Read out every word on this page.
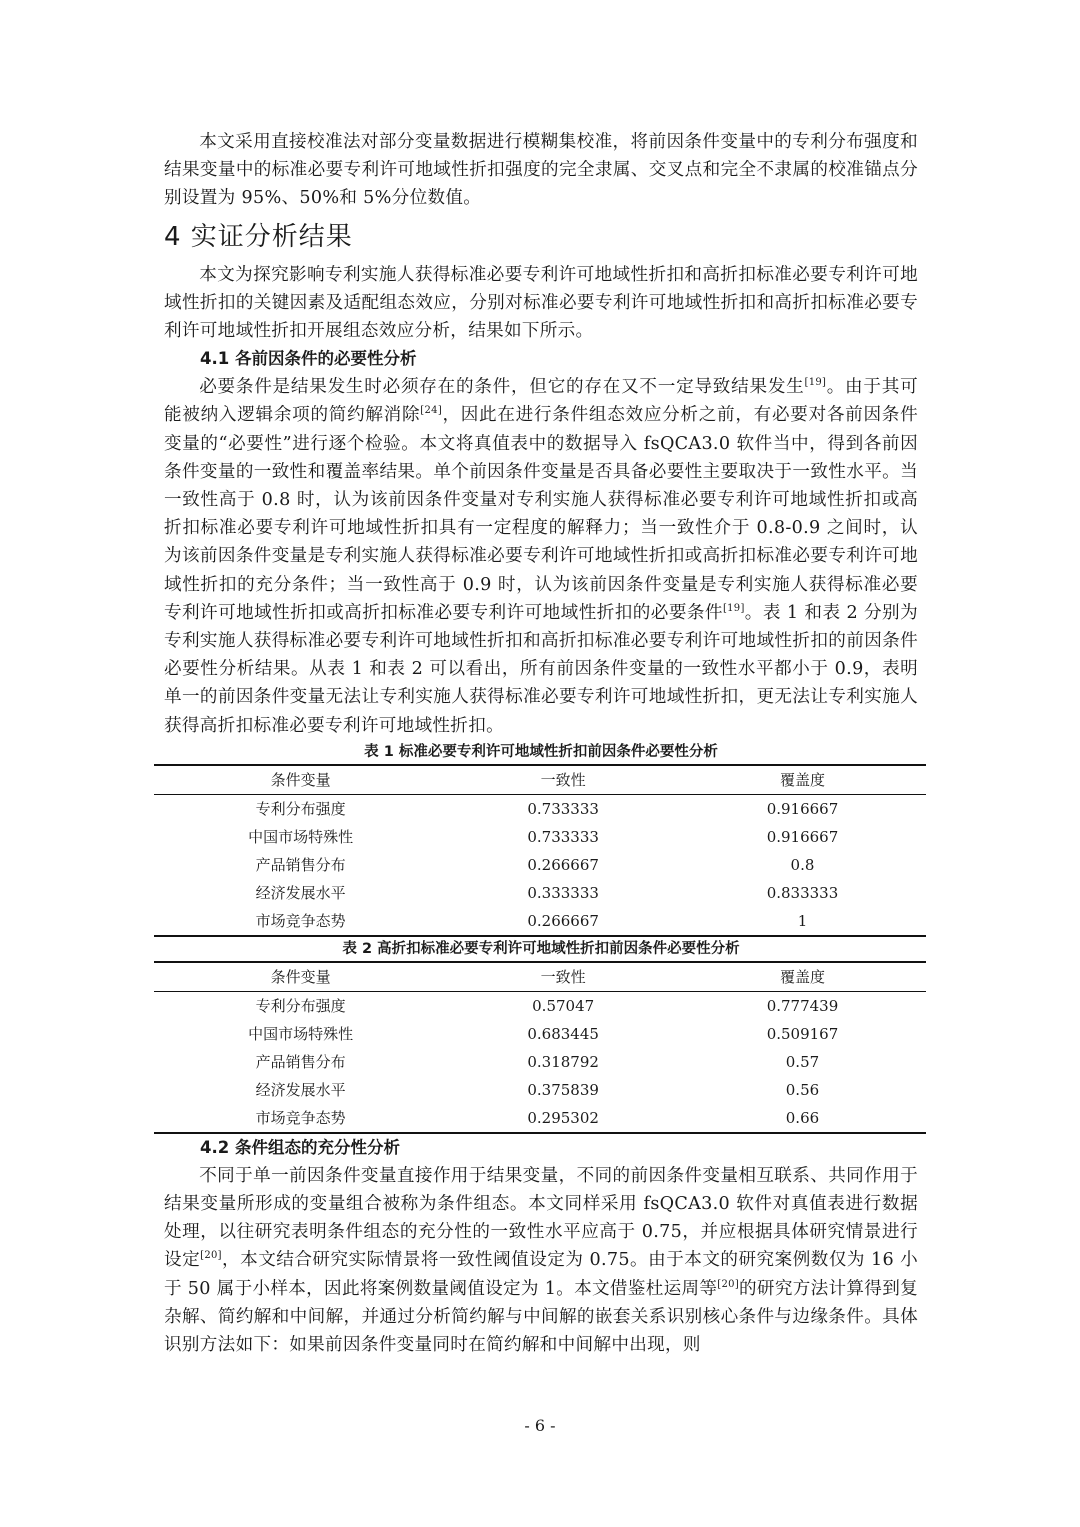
本文采用直接校准法对部分变量数据进行模糊集校准，将前因条件变量中的专利分布强度和结果变量中的标准必要专利许可地域性折扣强度的完全隶属、交叉点和完全不隶属的校准锚点分别设置为 95%、50%和 5%分位数值。

4 实证分析结果

本文为探究影响专利实施人获得标准必要专利许可地域性折扣和高折扣标准必要专利许可地域性折扣的关键因素及适配组态效应，分别对标准必要专利许可地域性折扣和高折扣标准必要专利许可地域性折扣开展组态效应分析，结果如下所示。

4.1 各前因条件的必要性分析

必要条件是结果发生时必须存在的条件，但它的存在又不一定导致结果发生[19]。由于其可能被纳入逻辑余项的简约解消除[24]，因此在进行条件组态效应分析之前，有必要对各前因条件变量的“必要性”进行逐个检验。本文将真值表中的数据导入 fsQCA3.0 软件当中，得到各前因条件变量的一致性和覆盖率结果。单个前因条件变量是否具备必要性主要取决于一致性水平。当一致性高于 0.8 时，认为该前因条件变量对专利实施人获得标准必要专利许可地域性折扣或高折扣标准必要专利许可地域性折扣具有一定程度的解释力；当一致性介于 0.8-0.9 之间时，认为该前因条件变量是专利实施人获得标准必要专利许可地域性折扣或高折扣标准必要专利许可地域性折扣的充分条件；当一致性高于 0.9 时，认为该前因条件变量是专利实施人获得标准必要专利许可地域性折扣或高折扣标准必要专利许可地域性折扣的必要条件[19]。表 1 和表 2 分别为专利实施人获得标准必要专利许可地域性折扣和高折扣标准必要专利许可地域性折扣的前因条件必要性分析结果。从表 1 和表 2 可以看出，所有前因条件变量的一致性水平都小于 0.9，表明单一的前因条件变量无法让专利实施人获得标准必要专利许可地域性折扣，更无法让专利实施人获得高折扣标准必要专利许可地域性折扣。

表 1 标准必要专利许可地域性折扣前因条件必要性分析

条件变量	一致性	覆盖度
专利分布强度	0.733333	0.916667
中国市场特殊性	0.733333	0.916667
产品销售分布	0.266667	0.8
经济发展水平	0.333333	0.833333
市场竞争态势	0.266667	1

表 2 高折扣标准必要专利许可地域性折扣前因条件必要性分析

条件变量	一致性	覆盖度
专利分布强度	0.57047	0.777439
中国市场特殊性	0.683445	0.509167
产品销售分布	0.318792	0.57
经济发展水平	0.375839	0.56
市场竞争态势	0.295302	0.66
4.2 条件组态的充分性分析

不同于单一前因条件变量直接作用于结果变量，不同的前因条件变量相互联系、共同作用于结果变量所形成的变量组合被称为条件组态。本文同样采用 fsQCA3.0 软件对真值表进行数据处理，以往研究表明条件组态的充分性的一致性水平应高于 0.75，并应根据具体研究情景进行设定[20]，本文结合研究实际情景将一致性阈值设定为 0.75。由于本文的研究案例数仅为 16 小于 50 属于小样本，因此将案例数量阈值设定为 1。本文借鉴杜运周等[20]的研究方法计算得到复杂解、简约解和中间解，并通过分析简约解与中间解的嵌套关系识别核心条件与边缘条件。具体识别方法如下：如果前因条件变量同时在简约解和中间解中出现，则

- 6 -
